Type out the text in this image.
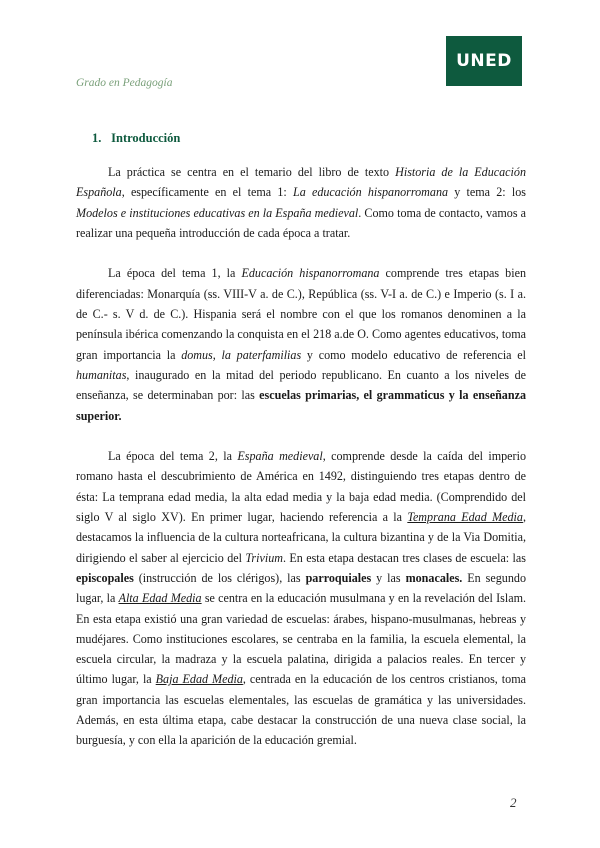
UNED
Grado en Pedagogía
1. Introducción

La práctica se centra en el temario del libro de texto Historia de la Educación Española, específicamente en el tema 1: La educación hispanorromana y tema 2: los Modelos e instituciones educativas en la España medieval. Como toma de contacto, vamos a realizar una pequeña introducción de cada época a tratar.

La época del tema 1, la Educación hispanorromana comprende tres etapas bien diferenciadas: Monarquía (ss. VIII-V a. de C.), República (ss. V-I a. de C.) e Imperio (s. I a. de C.- s. V d. de C.). Hispania será el nombre con el que los romanos denominen a la península ibérica comenzando la conquista en el 218 a.de O. Como agentes educativos, toma gran importancia la domus, la paterfamilias y como modelo educativo de referencia el humanitas, inaugurado en la mitad del periodo republicano. En cuanto a los niveles de enseñanza, se determinaban por: las escuelas primarias, el grammaticus y la enseñanza superior.

La época del tema 2, la España medieval, comprende desde la caída del imperio romano hasta el descubrimiento de América en 1492, distinguiendo tres etapas dentro de ésta: La temprana edad media, la alta edad media y la baja edad media. (Comprendido del siglo V al siglo XV). En primer lugar, haciendo referencia a la Temprana Edad Media, destacamos la influencia de la cultura norteafricana, la cultura bizantina y de la Via Domitia, dirigiendo el saber al ejercicio del Trivium. En esta etapa destacan tres clases de escuela: las episcopales (instrucción de los clérigos), las parroquiales y las monacales. En segundo lugar, la Alta Edad Media se centra en la educación musulmana y en la revelación del Islam. En esta etapa existió una gran variedad de escuelas: árabes, hispano-musulmanas, hebreas y mudéjares. Como instituciones escolares, se centraba en la familia, la escuela elemental, la escuela circular, la madraza y la escuela palatina, dirigida a palacios reales. En tercer y último lugar, la Baja Edad Media, centrada en la educación de los centros cristianos, toma gran importancia las escuelas elementales, las escuelas de gramática y las universidades. Además, en esta última etapa, cabe destacar la construcción de una nueva clase social, la burguesía, y con ella la aparición de la educación gremial.

2
